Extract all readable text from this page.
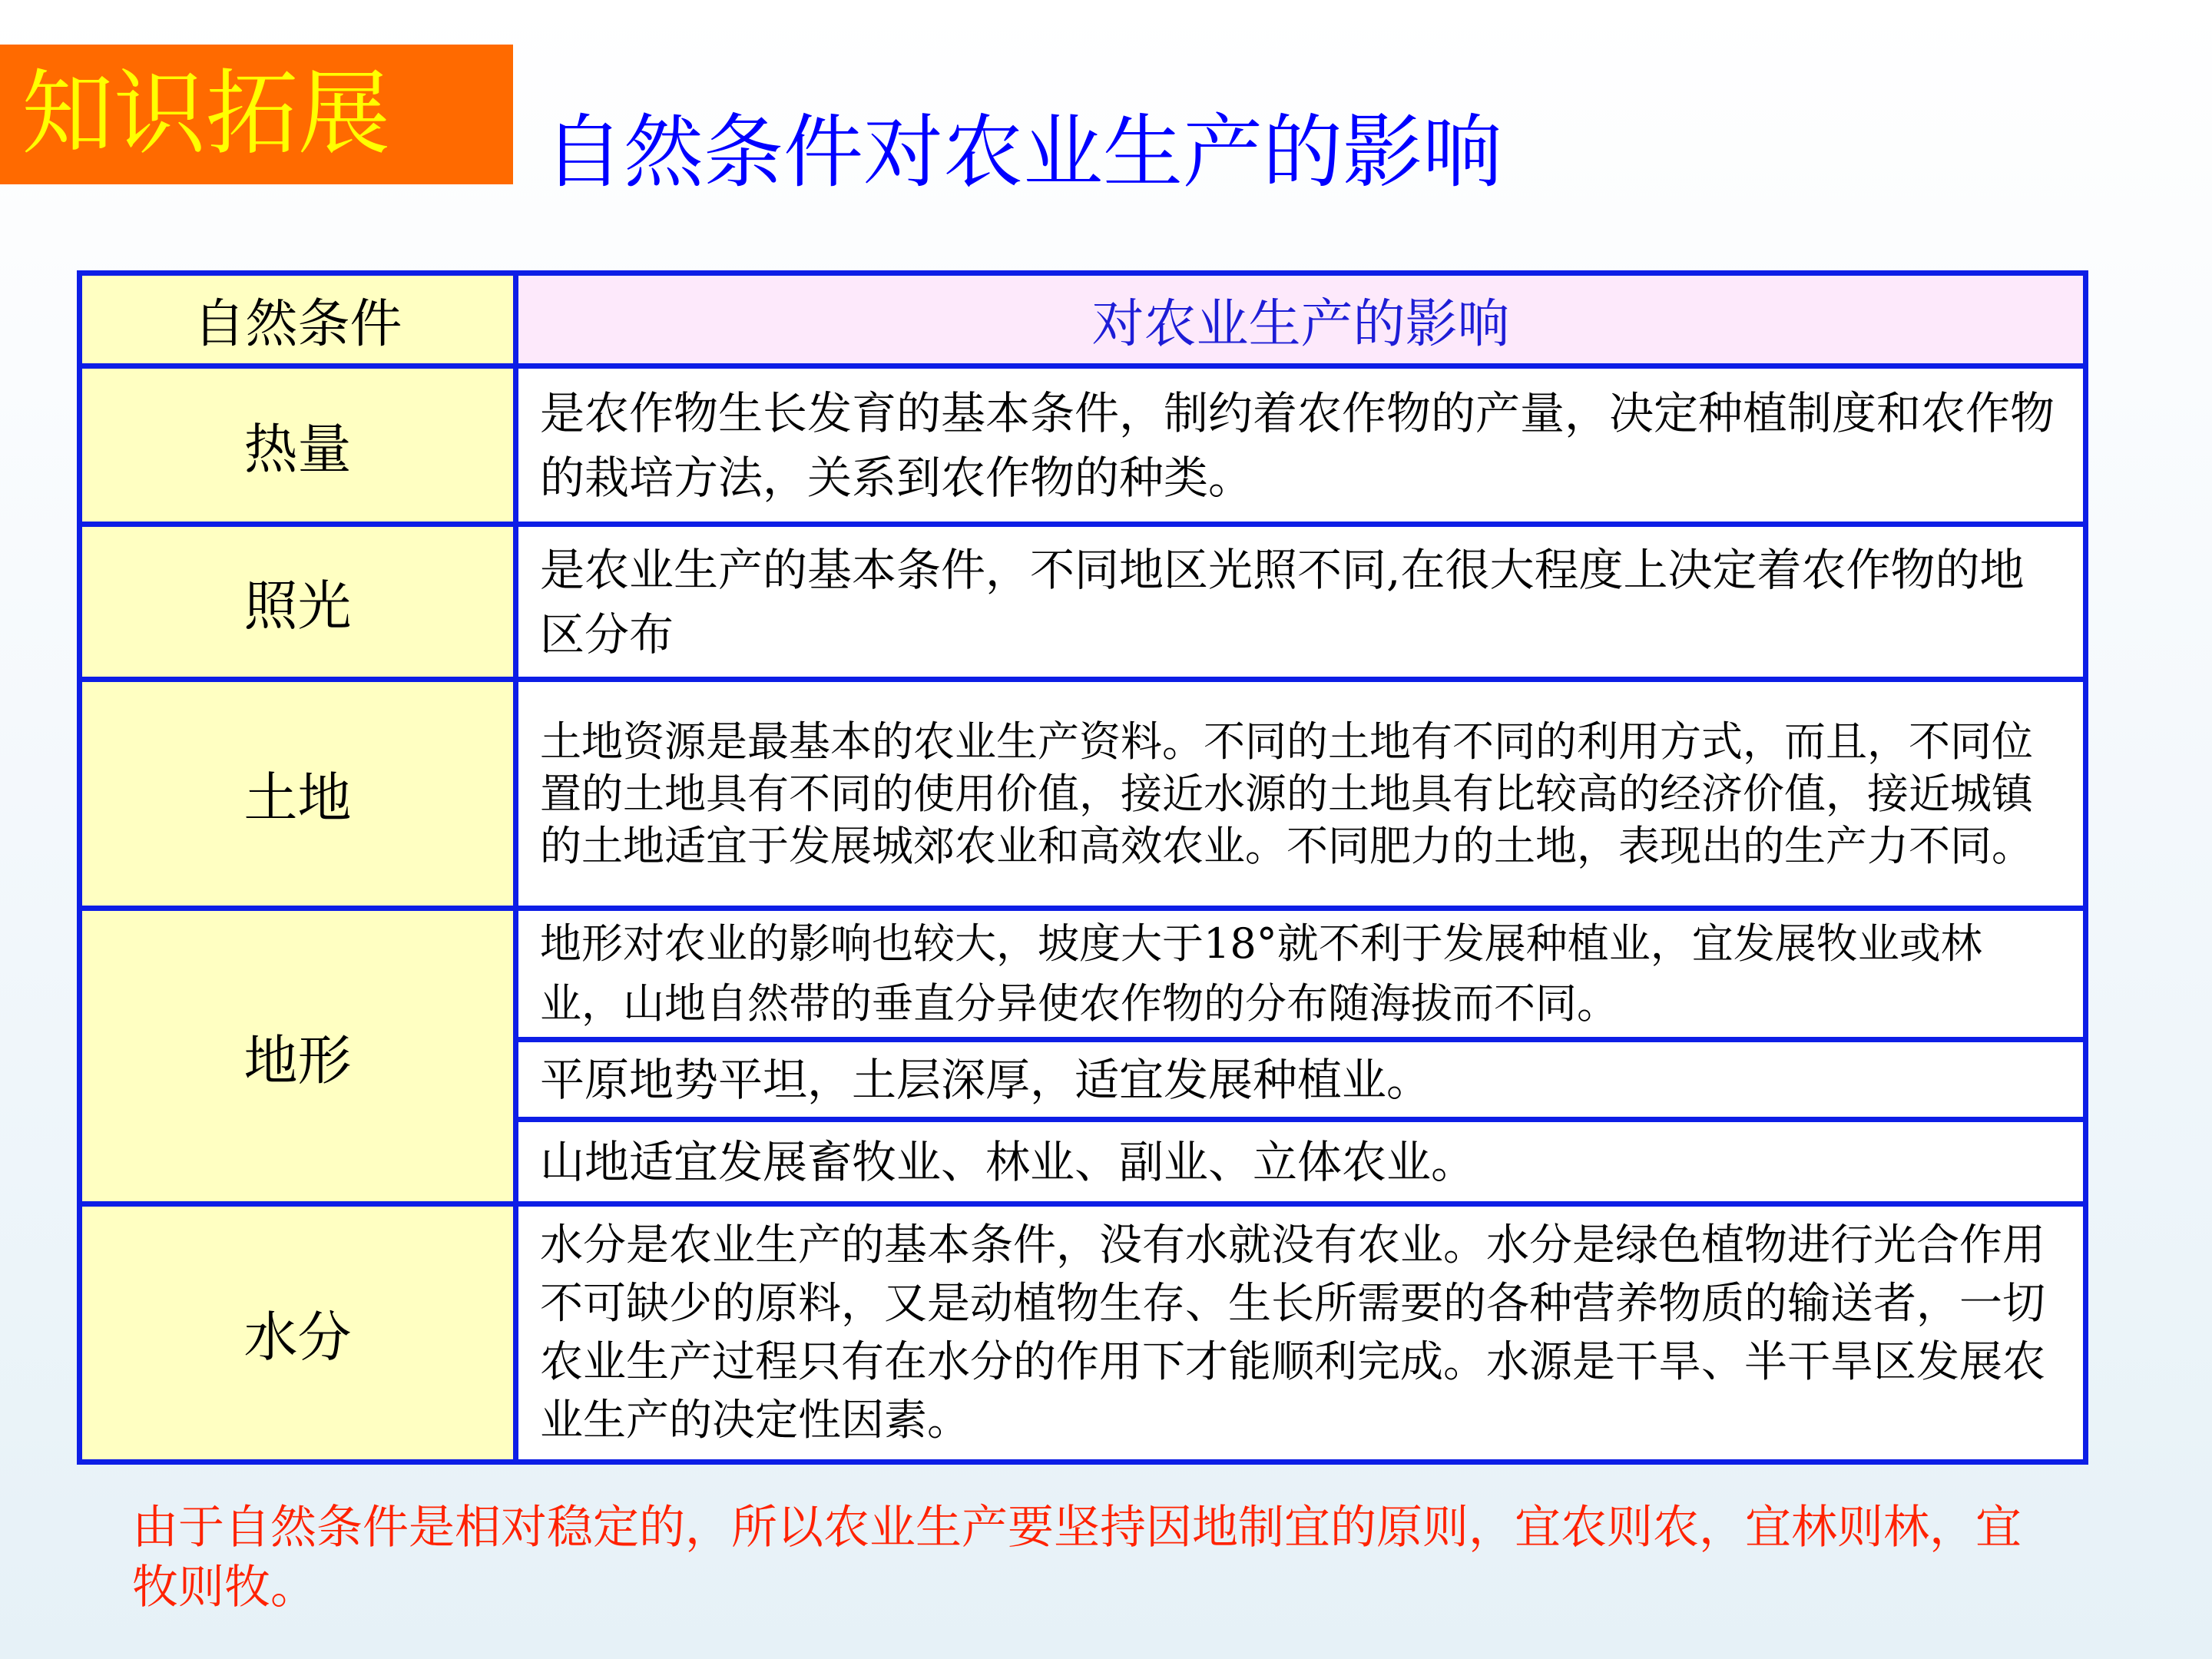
知识拓展	自然条件对农业生产的影响
自然条件	对农业生产的影响
热量	是农作物生长发育的基本条件，制约着农作物的产量，决定种植制度和农作物的栽培方法，关系到农作物的种类。
照光	是农业生产的基本条件，不同地区光照不同,在很大程度上决定着农作物的地区分布
土地	土地资源是最基本的农业生产资料。不同的土地有不同的利用方式，而且，不同位置的土地具有不同的使用价值，接近水源的土地具有比较高的经济价值，接近城镇的土地适宜于发展城郊农业和高效农业。不同肥力的土地，表现出的生产力不同。
地形	地形对农业的影响也较大，坡度大于18°就不利于发展种植业，宜发展牧业或林业，山地自然带的垂直分异使农作物的分布随海拔而不同。
	平原地势平坦，土层深厚，适宜发展种植业。
	山地适宜发展畜牧业、林业、副业、立体农业。
水分	水分是农业生产的基本条件，没有水就没有农业。水分是绿色植物进行光合作用不可缺少的原料，又是动植物生存、生长所需要的各种营养物质的输送者，一切农业生产过程只有在水分的作用下才能顺利完成。水源是干旱、半干旱区发展农业生产的决定性因素。
由于自然条件是相对稳定的，所以农业生产要坚持因地制宜的原则，宜农则农，宜林则林，宜牧则牧。
